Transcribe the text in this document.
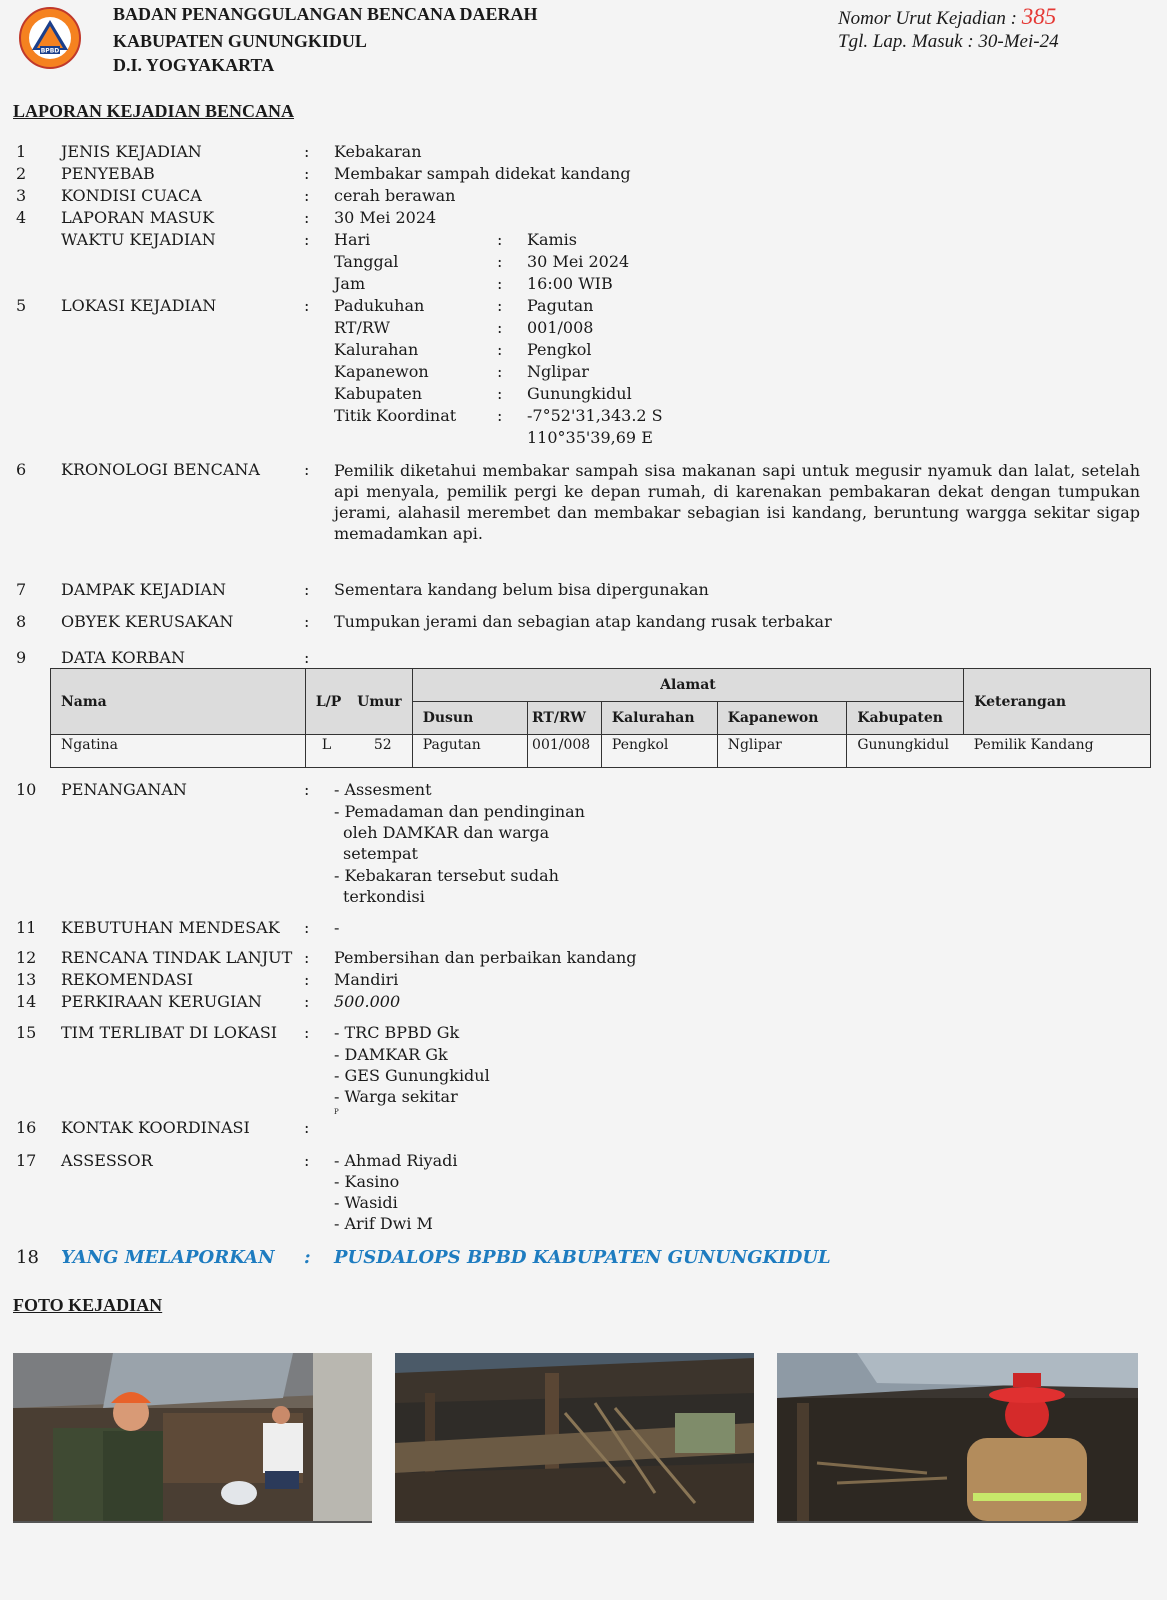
BPBD
BADAN PENANGGULANGAN BENCANA DAERAH
KABUPATEN GUNUNGKIDUL
D.I. YOGYAKARTA
Nomor Urut Kejadian : 385
Tgl. Lap. Masuk : 30-Mei-24
LAPORAN KEJADIAN BENCANA
1	JENIS KEJADIAN	: Kebakaran
2	PENYEBAB	: Membakar sampah didekat kandang
3	KONDISI CUACA	: cerah berawan
4	LAPORAN MASUK	: 30 Mei 2024
WAKTU KEJADIAN	: Hari	: Kamis
Tanggal	: 30 Mei 2024
Jam	: 16:00 WIB
5	LOKASI KEJADIAN	: Padukuhan	: Pagutan
RT/RW	: 001/008
Kalurahan	: Pengkol
Kapanewon	: Nglipar
Kabupaten	: Gunungkidul
Titik Koordinat	: -7°52'31,343.2 S
110°35'39,69 E
6	KRONOLOGI BENCANA	: Pemilik diketahui membakar sampah sisa makanan sapi untuk megusir nyamuk dan lalat, setelah api menyala, pemilik pergi ke depan rumah, di karenakan pembakaran dekat dengan tumpukan jerami, alahasil merembet dan membakar sebagian isi kandang, beruntung wargga sekitar sigap memadamkan api.
7	DAMPAK KEJADIAN	: Sementara kandang belum bisa dipergunakan
8	OBYEK KERUSAKAN	: Tumpukan jerami dan sebagian atap kandang rusak terbakar
9	DATA KORBAN	:
Nama	L/P	Umur	Alamat					Keterangan
			Dusun	RT/RW	Kalurahan	Kapanewon	Kabupaten	
Ngatina	L	52	Pagutan	001/008	Pengkol	Nglipar	Gunungkidul	Pemilik Kandang
10 PENANGANAN	: - Assesment
- Pemadaman dan pendinginan
oleh DAMKAR dan warga
setempat
- Kebakaran tersebut sudah
terkondisi
11 KEBUTUHAN MENDESAK : -
12 RENCANA TINDAK LANJUT : Pembersihan dan perbaikan kandang
13 REKOMENDASI	: Mandiri
14 PERKIRAAN KERUGIAN	: 500.000
15 TIM TERLIBAT DI LOKASI : - TRC BPBD Gk
- DAMKAR Gk
- GES Gunungkidul
- Warga sekitar
P
16 KONTAK KOORDINASI	:
17 ASSESSOR	: - Ahmad Riyadi
- Kasino
- Wasidi
- Arif Dwi M
18 YANG MELAPORKAN : PUSDALOPS BPBD KABUPATEN GUNUNGKIDUL
FOTO KEJADIAN
